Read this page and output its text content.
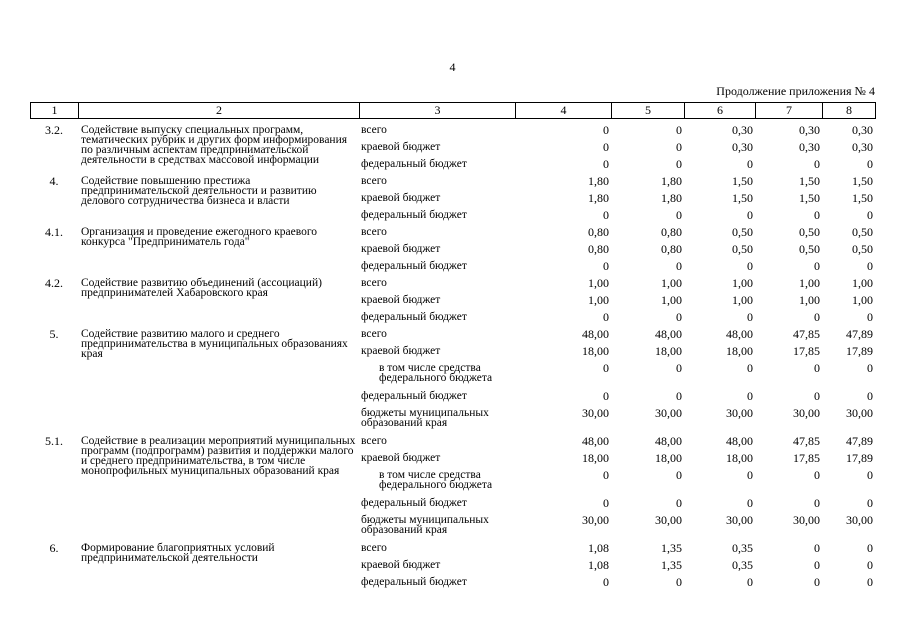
4
Продолжение приложения № 4
1	2	3	4	5	6	7	8
3.2.	Содействие выпуску специальных программ, тематических рубрик и других форм информирования по различным аспектам предпринимательской деятельности в средствах массовой информации	всего	0	0	0,30	0,30	0,30
		краевой бюджет	0	0	0,30	0,30	0,30
		федеральный бюджет	0	0	0	0	0
4.	Содействие повышению престижа предпринимательской деятельности и развитию делового сотрудничества бизнеса и власти	всего	1,80	1,80	1,50	1,50	1,50
		краевой бюджет	1,80	1,80	1,50	1,50	1,50
		федеральный бюджет	0	0	0	0	0
4.1.	Организация и проведение ежегодного краевого конкурса "Предприниматель года"	всего	0,80	0,80	0,50	0,50	0,50
		краевой бюджет	0,80	0,80	0,50	0,50	0,50
		федеральный бюджет	0	0	0	0	0
4.2.	Содействие развитию объединений (ассоциаций) предпринимателей Хабаровского края	всего	1,00	1,00	1,00	1,00	1,00
		краевой бюджет	1,00	1,00	1,00	1,00	1,00
		федеральный бюджет	0	0	0	0	0
5.	Содействие развитию малого и среднего предпринимательства в муниципальных образованиях края	всего	48,00	48,00	48,00	47,85	47,89
		краевой бюджет	18,00	18,00	18,00	17,85	17,89
		в том числе средства федерального бюджета	0	0	0	0	0
		федеральный бюджет	0	0	0	0	0
		бюджеты муниципальных образований края	30,00	30,00	30,00	30,00	30,00
5.1.	Содействие в реализации мероприятий муниципальных программ (подпрограмм) развития и поддержки малого и среднего предпринимательства, в том числе монопрофильных муниципальных образований края	всего	48,00	48,00	48,00	47,85	47,89
		краевой бюджет	18,00	18,00	18,00	17,85	17,89
		в том числе средства федерального бюджета	0	0	0	0	0
		федеральный бюджет	0	0	0	0	0
		бюджеты муниципальных образований края	30,00	30,00	30,00	30,00	30,00
6.	Формирование благоприятных условий предпринимательской деятельности	всего	1,08	1,35	0,35	0	0
		краевой бюджет	1,08	1,35	0,35	0	0
		федеральный бюджет	0	0	0	0	0
